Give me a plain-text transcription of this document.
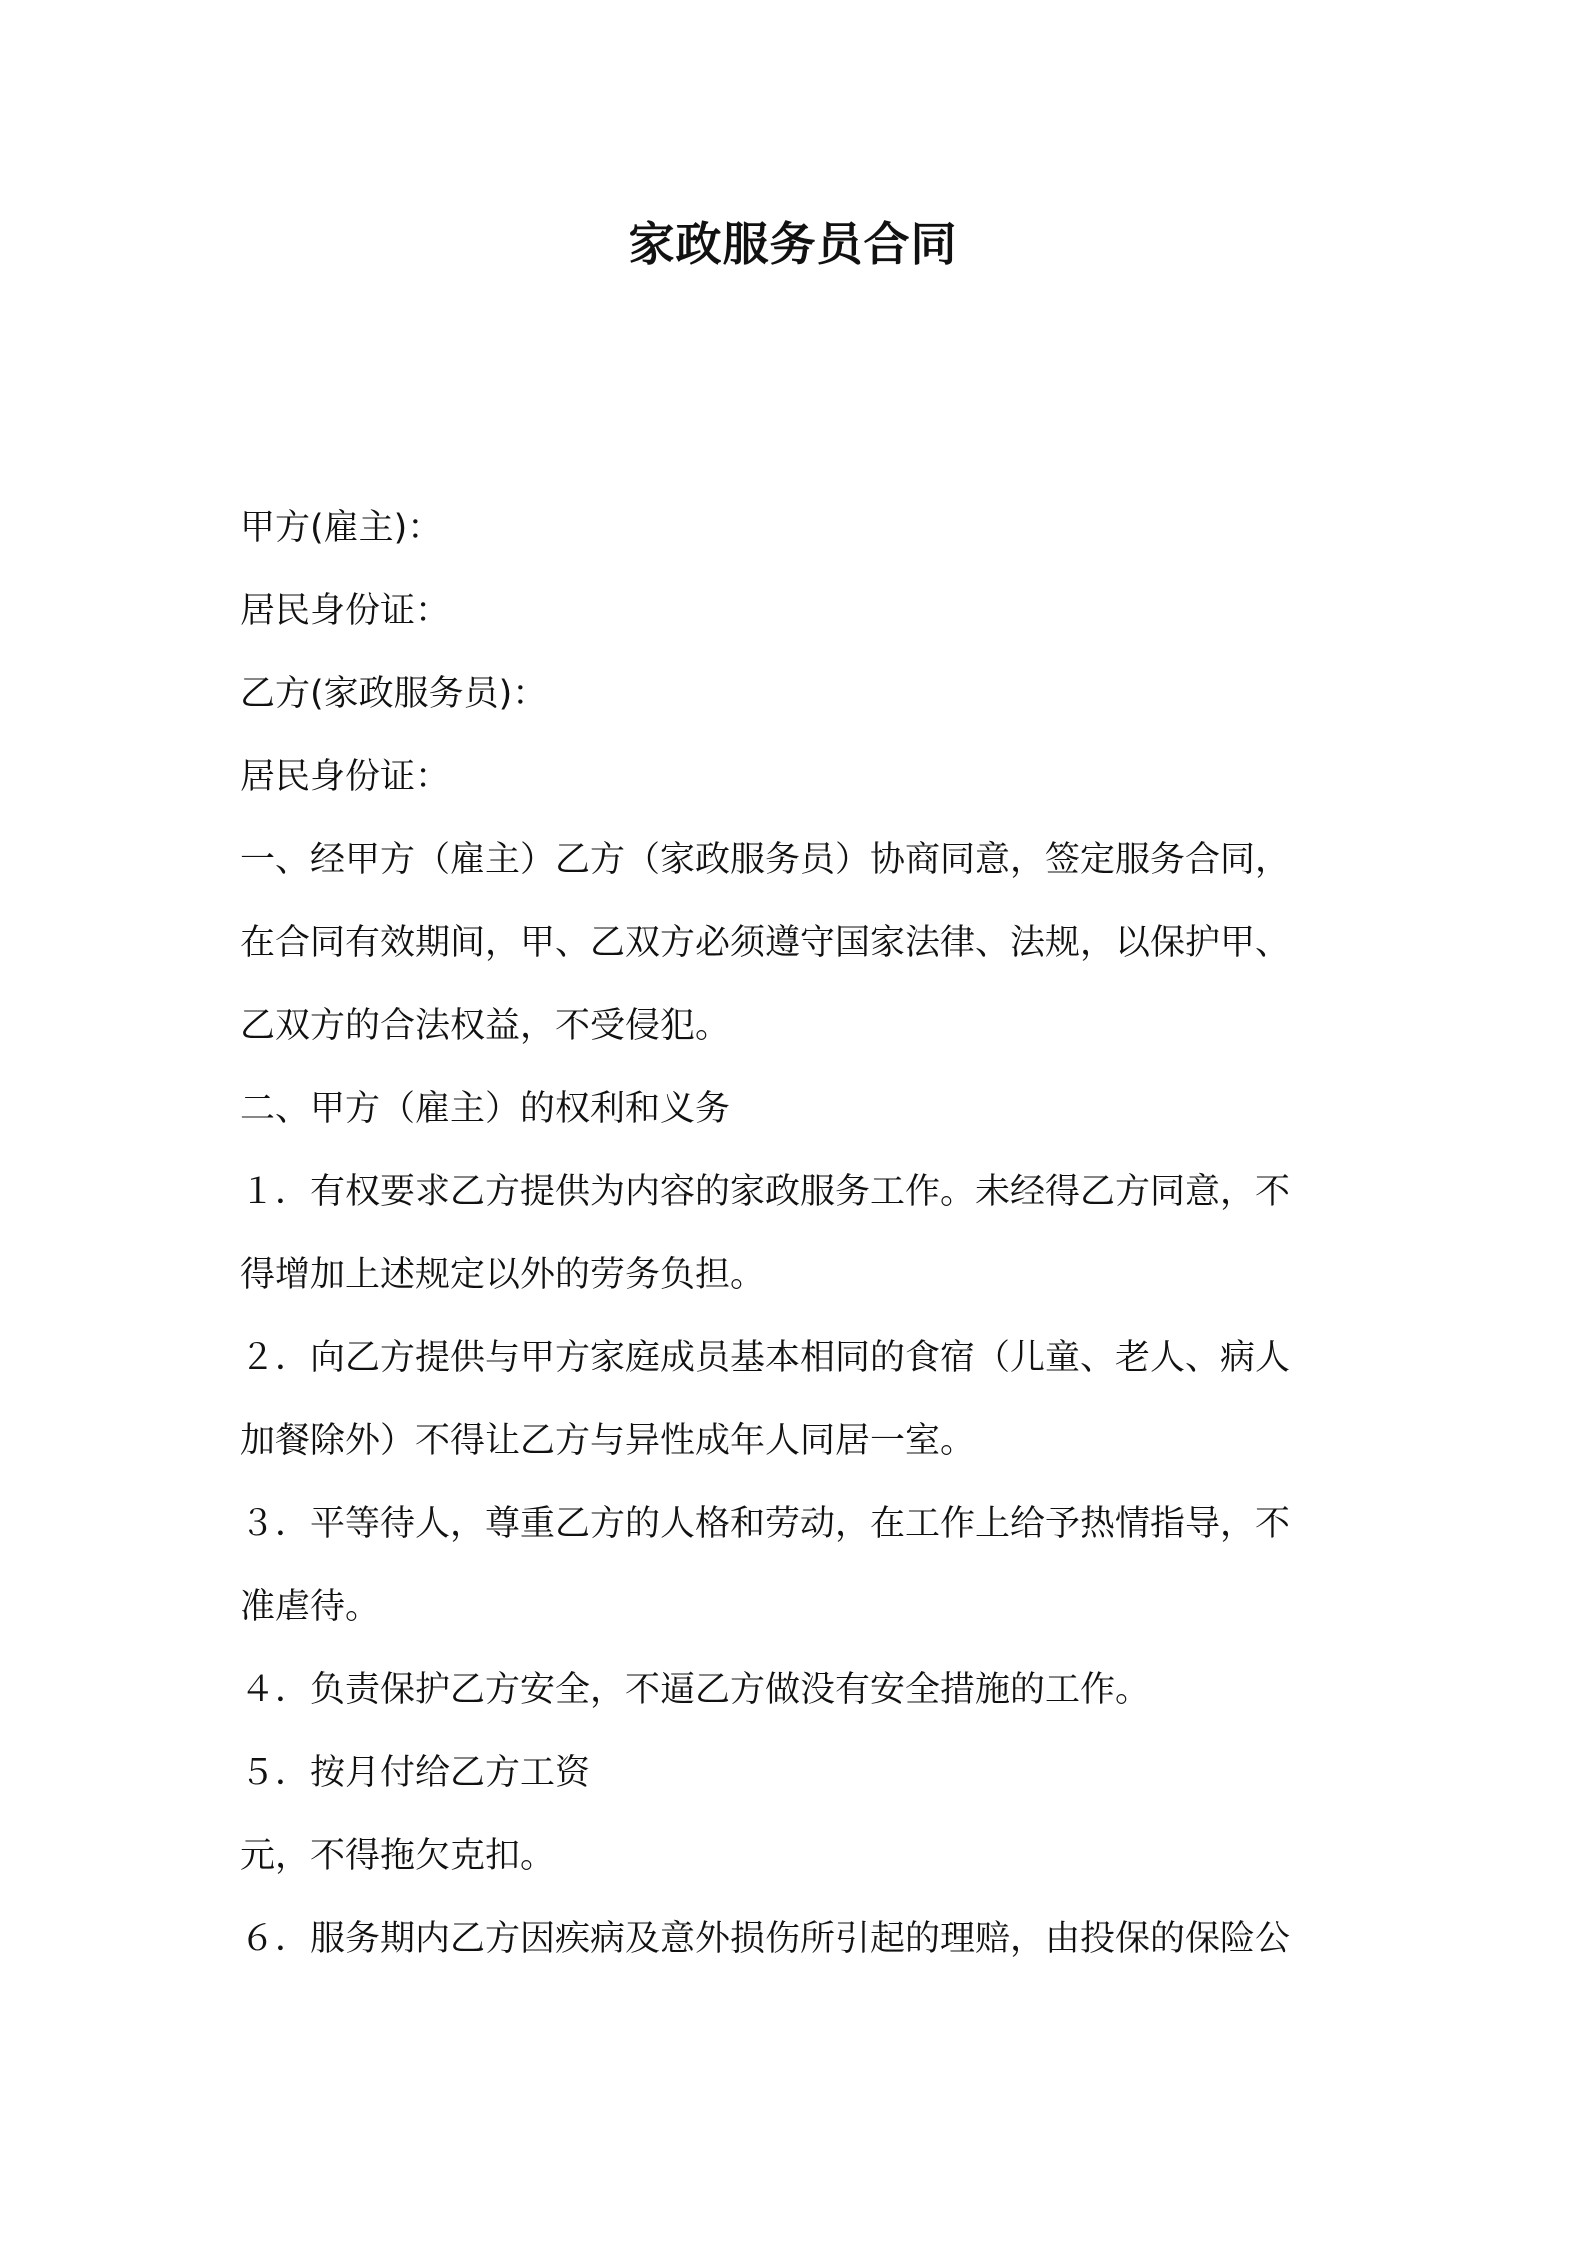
家政服务员合同
甲方(雇主)：
居民身份证：
乙方(家政服务员)：
居民身份证：
一、经甲方（雇主）乙方（家政服务员）协商同意，签定服务合同，
在合同有效期间，甲、乙双方必须遵守国家法律、法规，以保护甲、
乙双方的合法权益，不受侵犯。
二、甲方（雇主）的权利和义务
１．有权要求乙方提供为内容的家政服务工作。未经得乙方同意，不
得增加上述规定以外的劳务负担。
２．向乙方提供与甲方家庭成员基本相同的食宿（儿童、老人、病人
加餐除外）不得让乙方与异性成年人同居一室。
３．平等待人，尊重乙方的人格和劳动，在工作上给予热情指导，不
准虐待。
４．负责保护乙方安全，不逼乙方做没有安全措施的工作。
５．按月付给乙方工资
元，不得拖欠克扣。
６．服务期内乙方因疾病及意外损伤所引起的理赔，由投保的保险公
